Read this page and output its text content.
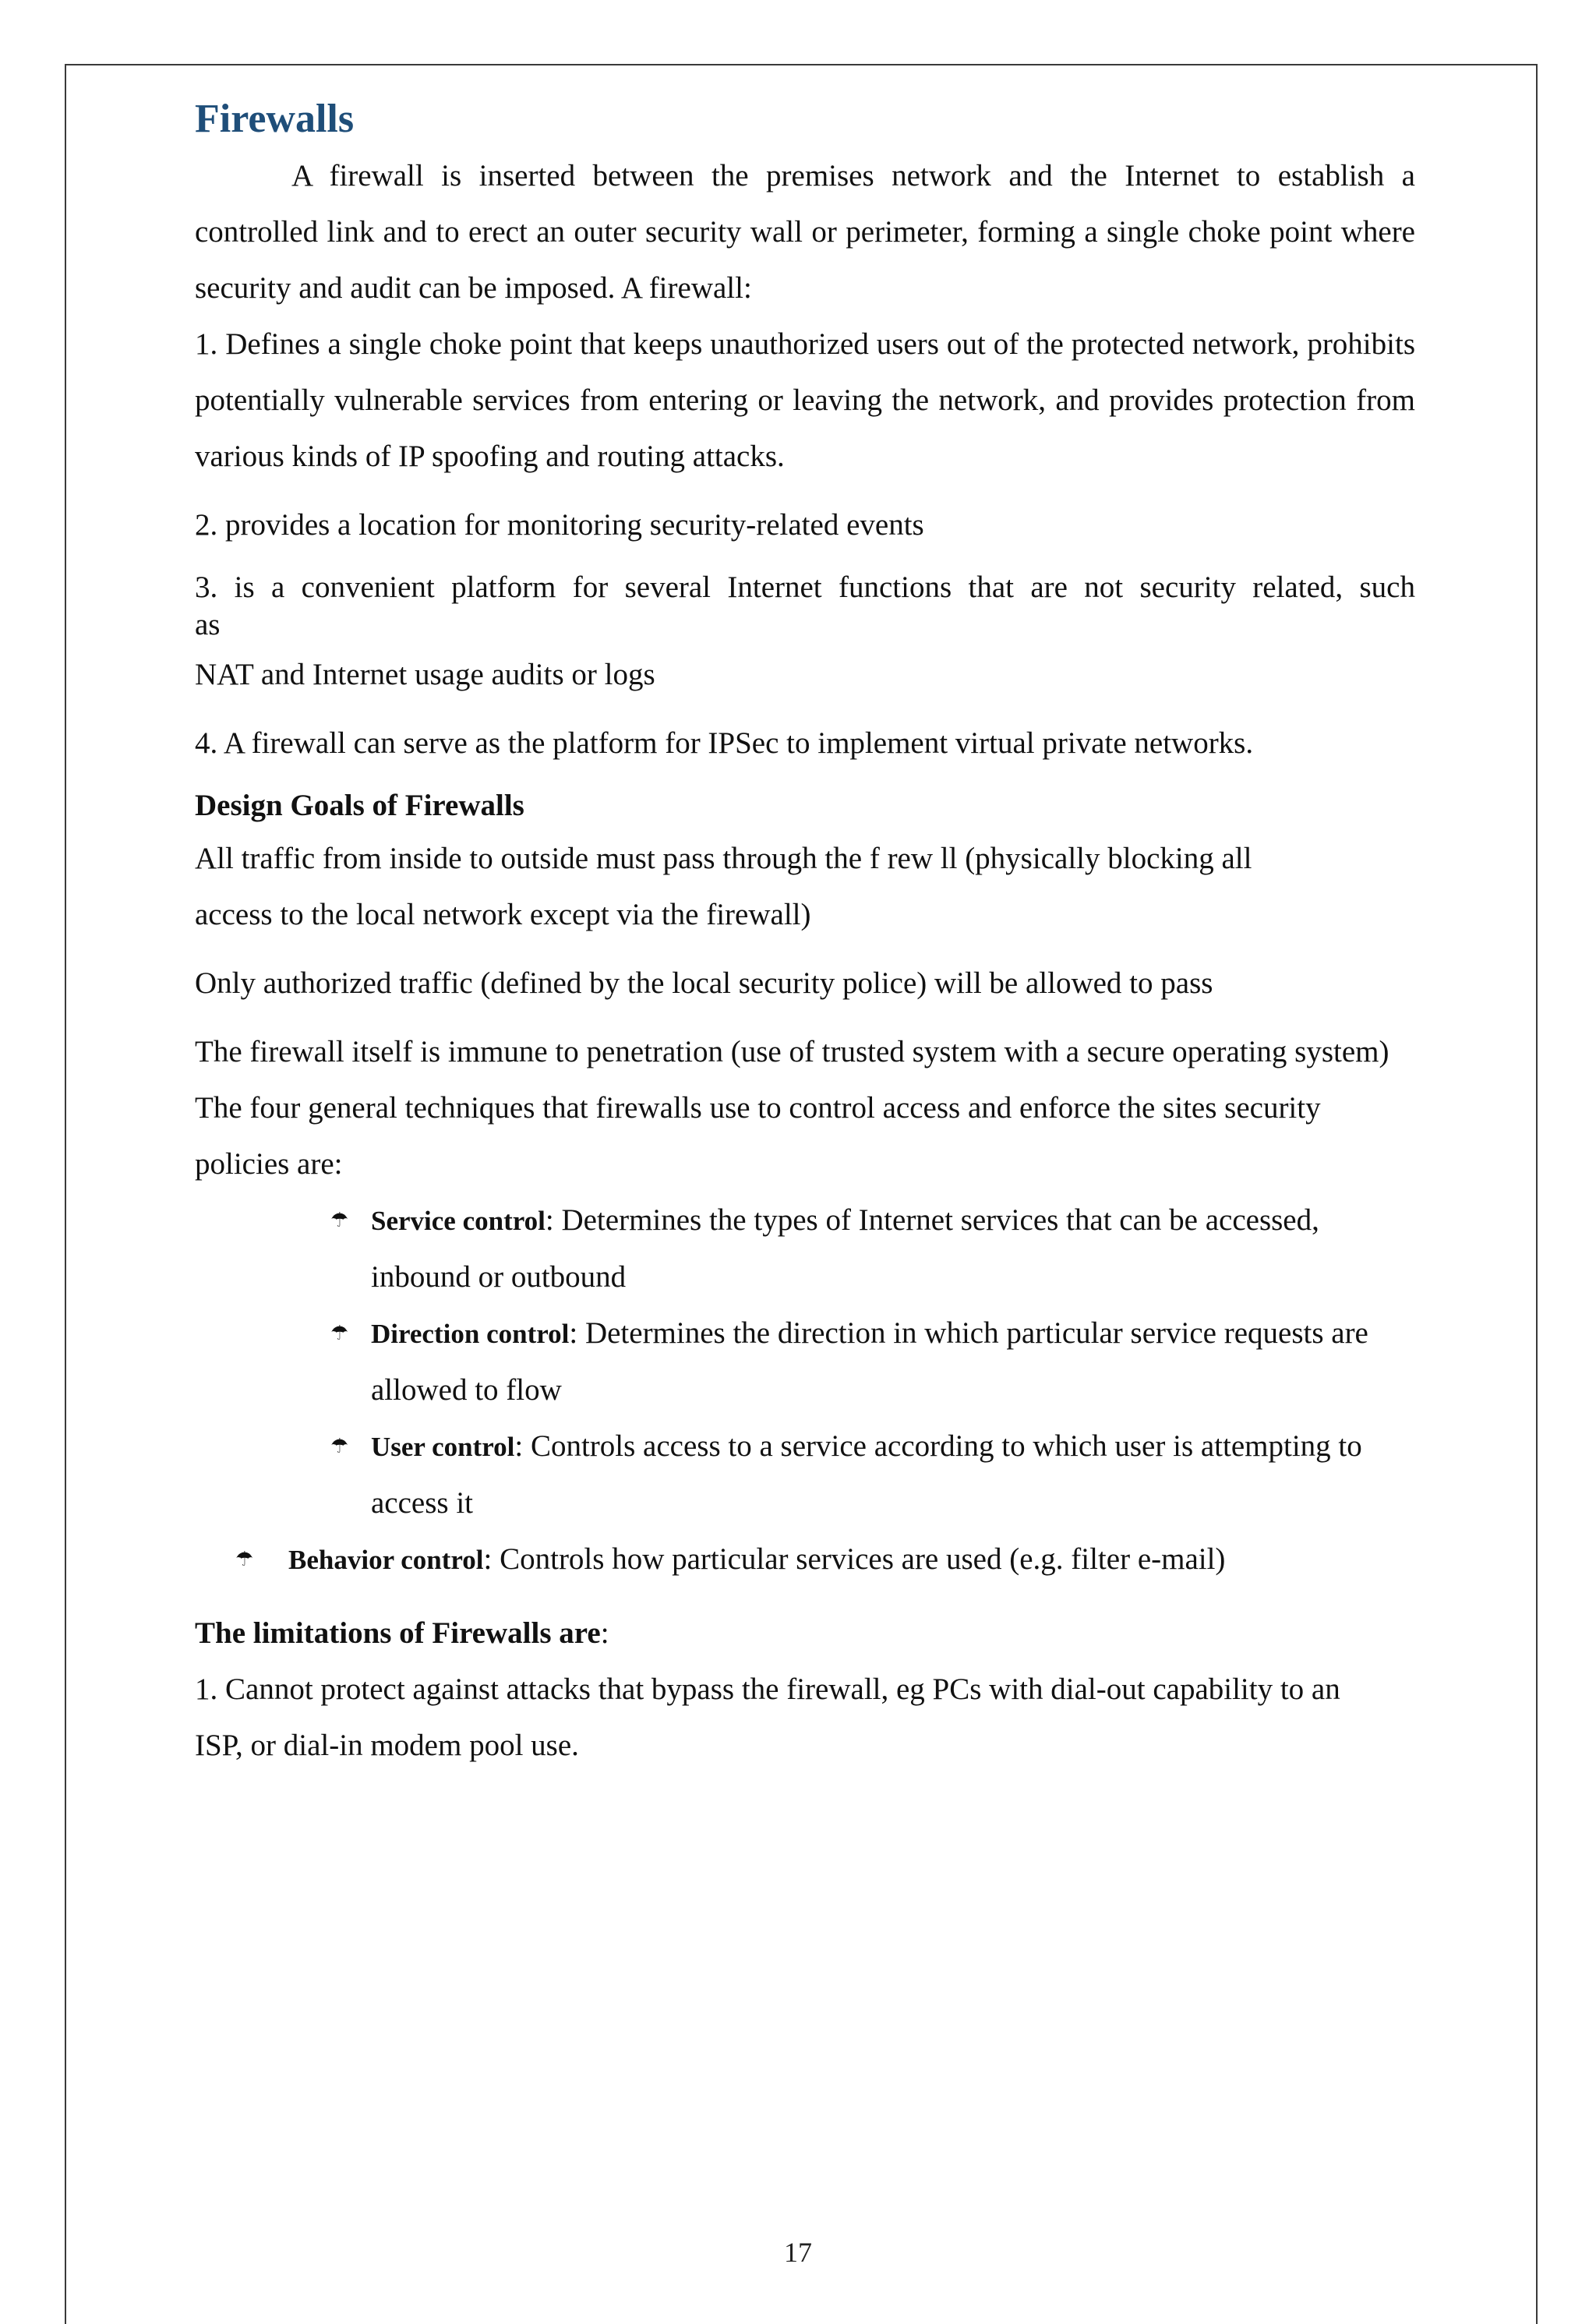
Firewalls

A firewall is inserted between the premises network and the Internet to establish a controlled link and to erect an outer security wall or perimeter, forming a single choke point where security and audit can be imposed. A firewall:

1. Defines a single choke point that keeps unauthorized users out of the protected network, prohibits potentially vulnerable services from entering or leaving the network, and provides protection from various kinds of IP spoofing and routing attacks.

2. provides a location for monitoring security-related events

3. is a convenient platform for several Internet functions that are not security related, such

as

NAT and Internet usage audits or logs

4. A firewall can serve as the platform for IPSec to implement virtual private networks.

Design Goals of Firewalls

All traffic from inside to outside must pass through the f rew ll (physically blocking all access to the local network except via the firewall)

Only authorized traffic (defined by the local security police) will be allowed to pass

The firewall itself is immune to penetration (use of trusted system with a secure operating system)

The four general techniques that firewalls use to control access and enforce the sites security policies are:

☂ Service control: Determines the types of Internet services that can be accessed, inbound or outbound
☂ Direction control: Determines the direction in which particular service requests are allowed to flow
☂ User control: Controls access to a service according to which user is attempting to access it
☂	Behavior control: Controls how particular services are used (e.g. filter e-mail)

The limitations of Firewalls are:

1. Cannot protect against attacks that bypass the firewall, eg PCs with dial-out capability to an ISP, or dial-in modem pool use.

17
